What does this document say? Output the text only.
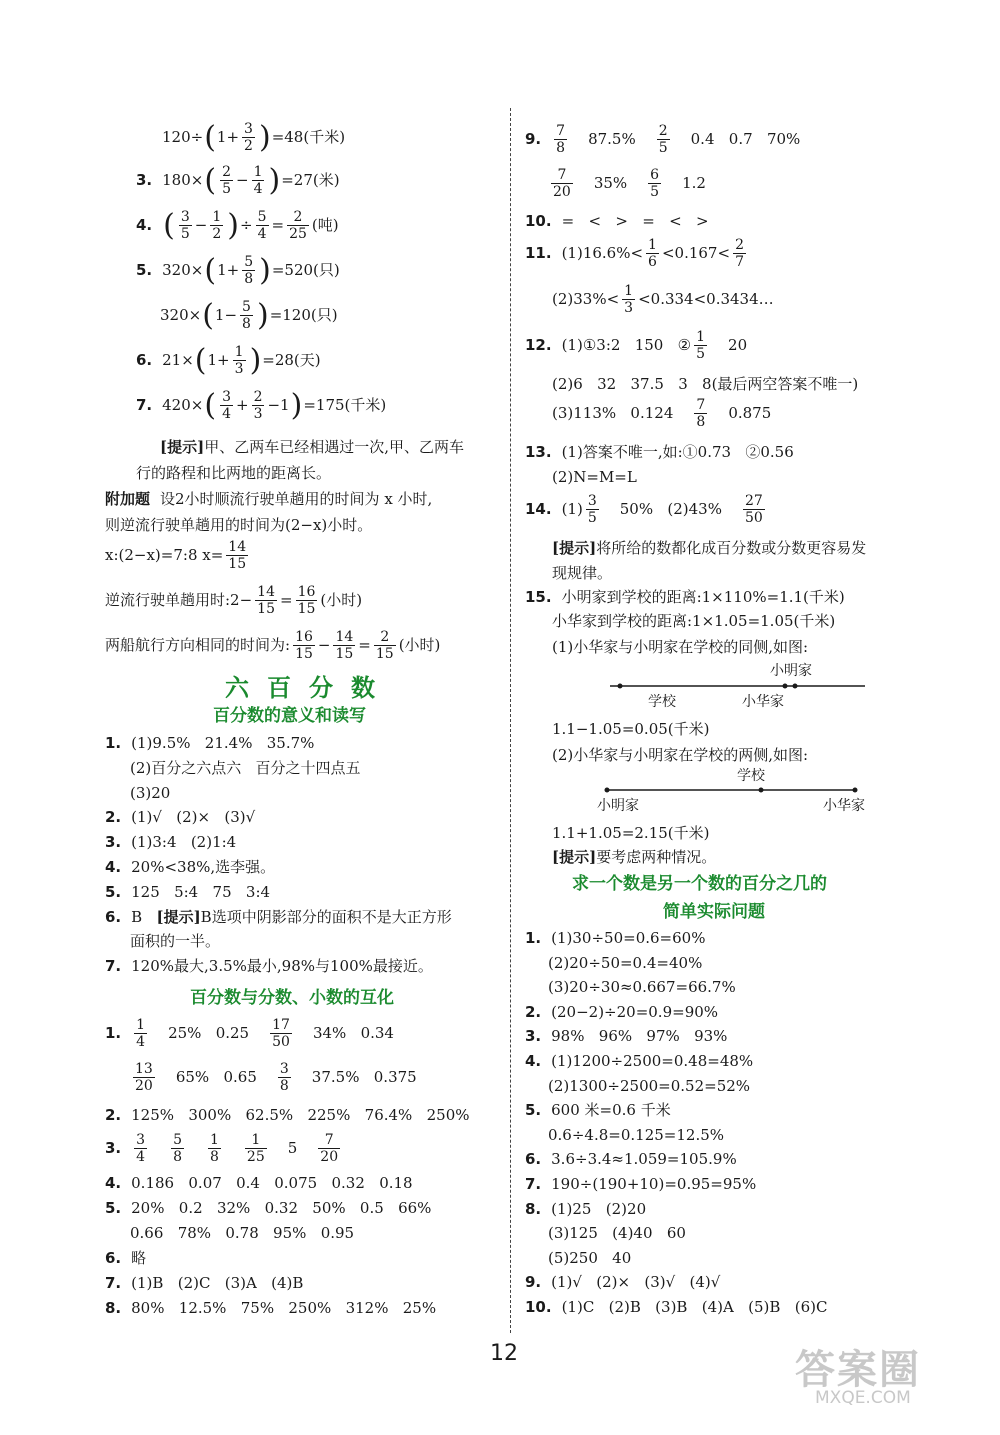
120÷ ( $1+ \frac{3}{2}$ ) =48(千米)
3. 180× ( $\frac{2}{5} - \frac{1}{4}$ ) =27(米)
4. ( $\frac{3}{5} - \frac{1}{2}$ ) ÷ $\frac{5}{4} = \frac{2}{25}$ (吨)
5. 320× ( $1+ \frac{5}{8}$ ) =520(只)
320× ( $1- \frac{5}{8}$ ) =120(只)
6. 21× ( $1+ \frac{1}{3}$ ) =28(天)
7. 420× ( $\frac{3}{4} + \frac{2}{3} -1$ ) =175(千米)
[提示] 甲、乙两车已经相遇过一次,甲、乙两车
行的路程和比两地的距离长。
附加题 设2小时顺流行驶单趟用的时间为 x 小时,
则逆流行驶单趟用的时间为(2−x)小时。
x:(2−x)=7:8 $x= \frac{14}{15}$
逆流行驶单趟用时:2− $\frac{14}{15} = \frac{16}{15}$ (小时)
两船航行方向相同的时间为: $\frac{16}{15} - \frac{14}{15} = \frac{2}{15}$ (小时)
六百分数
百分数的意义和读写
1. (1)9.5%   21.4%   35.7%
(2)百分之六点六   百分之十四点五
(3)20
2. (1)√   (2)×   (3)√
3. (1)3:4   (2)1:4
4. 20%<38%,选李强。
5. 125   5:4   75   3:4
6. B [提示] B选项中阴影部分的面积不是大正方形
面积的一半。
7. 120%最大,3.5%最小,98%与100%最接近。
百分数与分数、小数的互化
1. $\frac{1}{4} 25\%$   $0.25 \frac{17}{50} 34\%$   0.34
$\frac{13}{20} 65\%$   $0.65 \frac{3}{8} 37.5\%$   0.375
2. 125%   300%   62.5%   225%   76.4%   250%
3. $\frac{3}{4} \frac{5}{8} \frac{1}{8} \frac{1}{25} 5 \frac{7}{20}$
4. 0.186   0.07   0.4   0.075   0.32   0.18
5. 20%   0.2   32%   0.32   50%   0.5   66%
0.66   78%   0.78   95%   0.95
6. 略
7. (1)B   (2)C   (3)A   (4)B
8. 80%   12.5%   75%   250%   312%   25%
9. $\frac{7}{8} 87.5\% \frac{2}{5} 0.4$   0.7   70%
$\frac{7}{20} 35\% \frac{6}{5} 1.2$
10. =   <   >   =   <   >
11. $(1)16.6\%< \frac{1}{6} <0.167< \frac{2}{7}$
$(2)33\%< \frac{1}{3}$ <0.334<0.3434…
12. (1)①3:2   150   ② $\frac{1}{5} 20$
(2)6   32   37.5   3   8(最后两空答案不唯一)
(3)113%   $0.124 \frac{7}{8} 0.875$
13. (1)答案不唯一,如:①0.73   ②0.56
(2)N=M=L
14. $(1) \frac{3}{5} 50\%$   $(2)43\% \frac{27}{50}$
[提示] 将所给的数都化成百分数或分数更容易发
现规律。
15. 小明家到学校的距离:1×110%=1.1(千米)
小华家到学校的距离:1×1.05=1.05(千米)
(1)小华家与小明家在学校的同侧,如图:
小明家
学校	小华家
1.1−1.05=0.05(千米)
(2)小华家与小明家在学校的两侧,如图:
学校
小明家	小华家
1.1+1.05=2.15(千米)
[提示] 要考虑两种情况。
求一个数是另一个数的百分之几的
简单实际问题
1. (1)30÷50=0.6=60%
(2)20÷50=0.4=40%
(3)20÷30≈0.667=66.7%
2. (20−2)÷20=0.9=90%
3. 98%   96%   97%   93%
4. (1)1200÷2500=0.48=48%
(2)1300÷2500=0.52=52%
5. 600 米=0.6 千米
0.6÷4.8=0.125=12.5%
6. 3.6÷3.4≈1.059=105.9%
7. 190÷(190+10)=0.95=95%
8. (1)25   (2)20
(3)125   (4)40   60
(5)250   40
9. (1)√   (2)×   (3)√   (4)√
10. (1)C   (2)B   (3)B   (4)A   (5)B   (6)C
12	答案圈
MXQE.COM
